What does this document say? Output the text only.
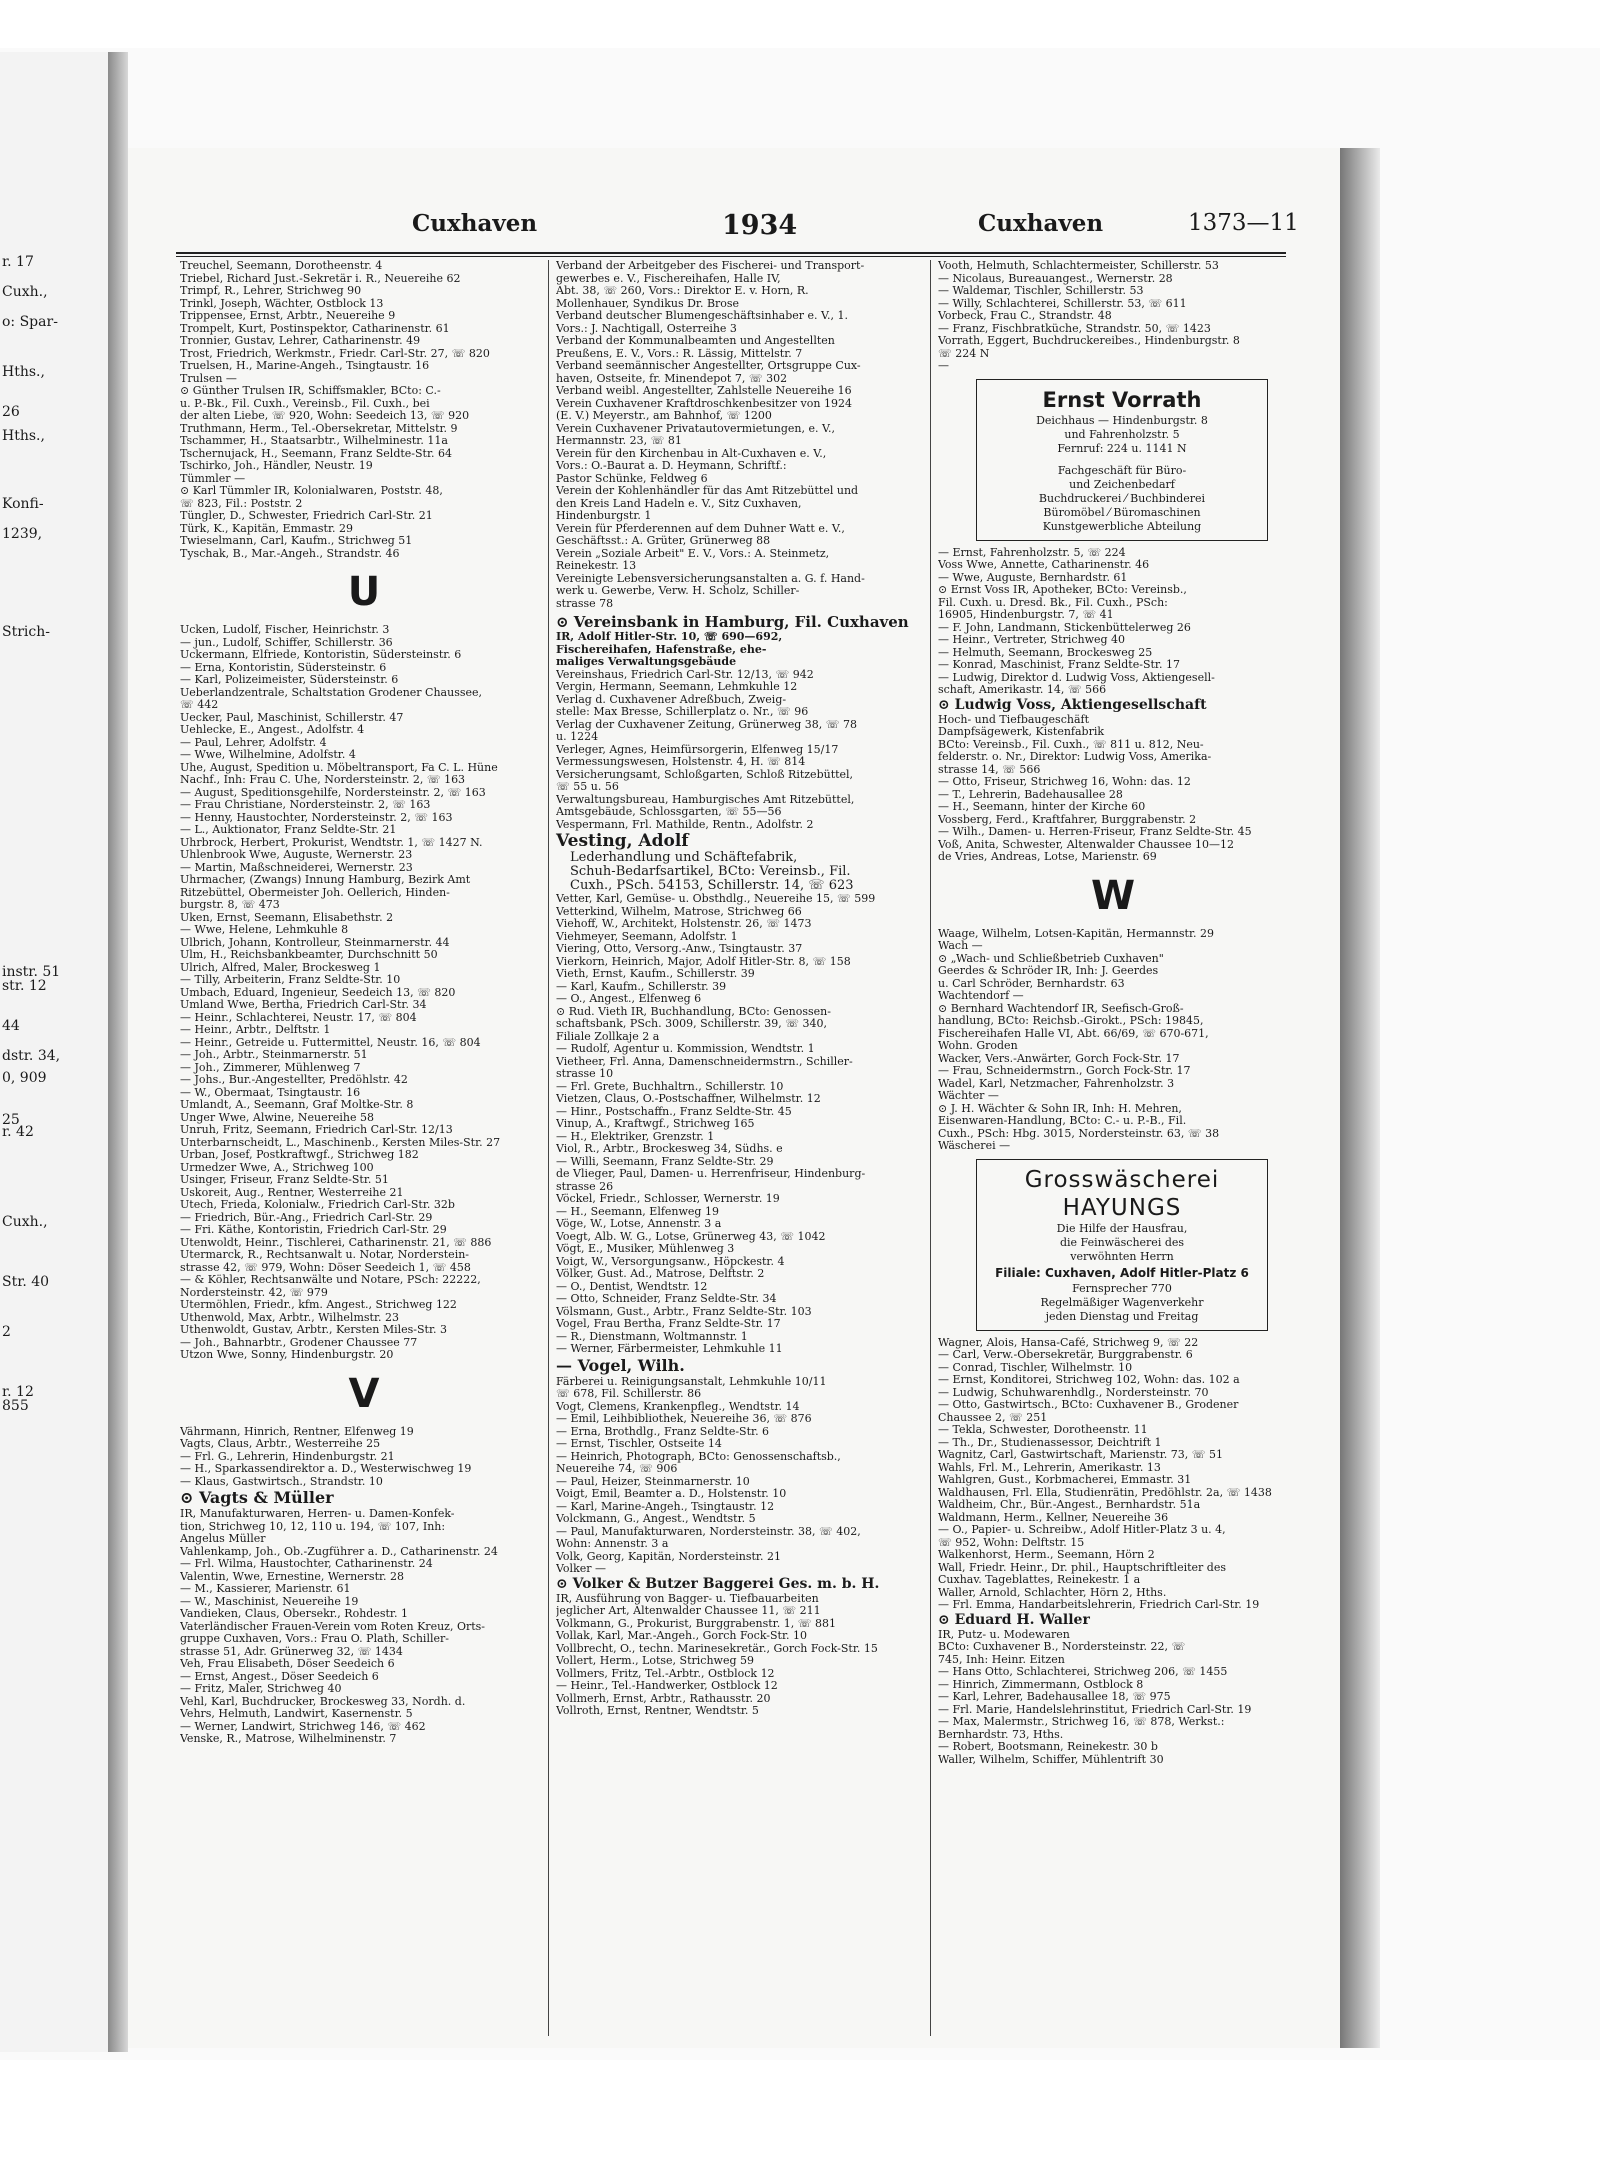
r. 17
Cuxh.,
o: Spar-
Hths.,
26
Hths.,
Konfi-
1239,
Strich-
instr. 51
str. 12
44
dstr. 34,
0, 909
25
r. 42
Cuxh.,
Str. 40
2
r. 12
855
Cuxhaven	1934	Cuxhaven	1373—11
Treuchel, Seemann, Dorotheenstr. 4
Triebel, Richard Just.-Sekretär i. R., Neuereihe 62
Trimpf, R., Lehrer, Strichweg 90
Trinkl, Joseph, Wächter, Ostblock 13
Trippensee, Ernst, Arbtr., Neuereihe 9
Trompelt, Kurt, Postinspektor, Catharinenstr. 61
Tronnier, Gustav, Lehrer, Catharinenstr. 49
Trost, Friedrich, Werkmstr., Friedr. Carl-Str. 27, ☏ 820
Truelsen, H., Marine-Angeh., Tsingtaustr. 16
Trulsen —
⊙ Günther Trulsen IR, Schiffsmakler, BCto: C.-
u. P.-Bk., Fil. Cuxh., Vereinsb., Fil. Cuxh., bei
der alten Liebe, ☏ 920, Wohn: Seedeich 13, ☏ 920
Truthmann, Herm., Tel.-Obersekretar, Mittelstr. 9
Tschammer, H., Staatsarbtr., Wilhelminestr. 11a
Tschernujack, H., Seemann, Franz Seldte-Str. 64
Tschirko, Joh., Händler, Neustr. 19
Tümmler —
⊙ Karl Tümmler IR, Kolonialwaren, Poststr. 48,
☏ 823, Fil.: Poststr. 2
Tüngler, D., Schwester, Friedrich Carl-Str. 21
Türk, K., Kapitän, Emmastr. 29
Twieselmann, Carl, Kaufm., Strichweg 51
Tyschak, B., Mar.-Angeh., Strandstr. 46
U
Ucken, Ludolf, Fischer, Heinrichstr. 3
— jun., Ludolf, Schiffer, Schillerstr. 36
Uckermann, Elfriede, Kontoristin, Südersteinstr. 6
— Erna, Kontoristin, Südersteinstr. 6
— Karl, Polizeimeister, Südersteinstr. 6
Ueberlandzentrale, Schaltstation Grodener Chaussee,
☏ 442
Uecker, Paul, Maschinist, Schillerstr. 47
Uehlecke, E., Angest., Adolfstr. 4
— Paul, Lehrer, Adolfstr. 4
— Wwe, Wilhelmine, Adolfstr. 4
Uhe, August, Spedition u. Möbeltransport, Fa C. L. Hüne
Nachf., Inh: Frau C. Uhe, Nordersteinstr. 2, ☏ 163
— August, Speditionsgehilfe, Nordersteinstr. 2, ☏ 163
— Frau Christiane, Nordersteinstr. 2, ☏ 163
— Henny, Haustochter, Nordersteinstr. 2, ☏ 163
— L., Auktionator, Franz Seldte-Str. 21
Uhrbrock, Herbert, Prokurist, Wendtstr. 1, ☏ 1427 N.
Uhlenbrook Wwe, Auguste, Wernerstr. 23
— Martin, Maßschneiderei, Wernerstr. 23
Uhrmacher, (Zwangs) Innung Hamburg, Bezirk Amt
Ritzebüttel, Obermeister Joh. Oellerich, Hinden-
burgstr. 8, ☏ 473
Uken, Ernst, Seemann, Elisabethstr. 2
— Wwe, Helene, Lehmkuhle 8
Ulbrich, Johann, Kontrolleur, Steinmarnerstr. 44
Ulm, H., Reichsbankbeamter, Durchschnitt 50
Ulrich, Alfred, Maler, Brockesweg 1
— Tilly, Arbeiterin, Franz Seldte-Str. 10
Umbach, Eduard, Ingenieur, Seedeich 13, ☏ 820
Umland Wwe, Bertha, Friedrich Carl-Str. 34
— Heinr., Schlachterei, Neustr. 17, ☏ 804
— Heinr., Arbtr., Delftstr. 1
— Heinr., Getreide u. Futtermittel, Neustr. 16, ☏ 804
— Joh., Arbtr., Steinmarnerstr. 51
— Joh., Zimmerer, Mühlenweg 7
— Johs., Bur.-Angestellter, Predöhlstr. 42
— W., Obermaat, Tsingtaustr. 16
Umlandt, A., Seemann, Graf Moltke-Str. 8
Unger Wwe, Alwine, Neuereihe 58
Unruh, Fritz, Seemann, Friedrich Carl-Str. 12/13
Unterbarnscheidt, L., Maschinenb., Kersten Miles-Str. 27
Urban, Josef, Postkraftwgf., Strichweg 182
Urmedzer Wwe, A., Strichweg 100
Usinger, Friseur, Franz Seldte-Str. 51
Uskoreit, Aug., Rentner, Westerreihe 21
Utech, Frieda, Kolonialw., Friedrich Carl-Str. 32b
— Friedrich, Bür.-Ang., Friedrich Carl-Str. 29
— Fri. Käthe, Kontoristin, Friedrich Carl-Str. 29
Utenwoldt, Heinr., Tischlerei, Catharinenstr. 21, ☏ 886
Utermarck, R., Rechtsanwalt u. Notar, Norderstein-
strasse 42, ☏ 979, Wohn: Döser Seedeich 1, ☏ 458
— & Köhler, Rechtsanwälte und Notare, PSch: 22222,
Nordersteinstr. 42, ☏ 979
Utermöhlen, Friedr., kfm. Angest., Strichweg 122
Uthenwold, Max, Arbtr., Wilhelmstr. 23
Uthenwoldt, Gustav, Arbtr., Kersten Miles-Str. 3
— Joh., Bahnarbtr., Grodener Chaussee 77
Utzon Wwe, Sonny, Hindenburgstr. 20
V
Vährmann, Hinrich, Rentner, Elfenweg 19
Vagts, Claus, Arbtr., Westerreihe 25
— Frl. G., Lehrerin, Hindenburgstr. 21
— H., Sparkassendirektor a. D., Westerwischweg 19
— Klaus, Gastwirtsch., Strandstr. 10
⊙ Vagts & Müller
IR, Manufakturwaren, Herren- u. Damen-Konfek-
tion, Strichweg 10, 12, 110 u. 194, ☏ 107, Inh:
Angelus Müller
Vahlenkamp, Joh., Ob.-Zugführer a. D., Catharinenstr. 24
— Frl. Wilma, Haustochter, Catharinenstr. 24
Valentin, Wwe, Ernestine, Wernerstr. 28
— M., Kassierer, Marienstr. 61
— W., Maschinist, Neuereihe 19
Vandieken, Claus, Obersekr., Rohdestr. 1
Vaterländischer Frauen-Verein vom Roten Kreuz, Orts-
gruppe Cuxhaven, Vors.: Frau O. Plath, Schiller-
strasse 51, Adr. Grünerweg 32, ☏ 1434
Veh, Frau Elisabeth, Döser Seedeich 6
— Ernst, Angest., Döser Seedeich 6
— Fritz, Maler, Strichweg 40
Vehl, Karl, Buchdrucker, Brockesweg 33, Nordh. d.
Vehrs, Helmuth, Landwirt, Kasernenstr. 5
— Werner, Landwirt, Strichweg 146, ☏ 462
Venske, R., Matrose, Wilhelminenstr. 7
Verband der Arbeitgeber des Fischerei- und Transport-
gewerbes e. V., Fischereihafen, Halle IV,
Abt. 38, ☏ 260, Vors.: Direktor E. v. Horn, R.
Mollenhauer, Syndikus Dr. Brose
Verband deutscher Blumengeschäftsinhaber e. V., 1.
Vors.: J. Nachtigall, Osterreihe 3
Verband der Kommunalbeamten und Angestellten
Preußens, E. V., Vors.: R. Lässig, Mittelstr. 7
Verband seemännischer Angestellter, Ortsgruppe Cux-
haven, Ostseite, fr. Minendepot 7, ☏ 302
Verband weibl. Angestellter, Zahlstelle Neuereihe 16
Verein Cuxhavener Kraftdroschkenbesitzer von 1924
(E. V.) Meyerstr., am Bahnhof, ☏ 1200
Verein Cuxhavener Privatautovermietungen, e. V.,
Hermannstr. 23, ☏ 81
Verein für den Kirchenbau in Alt-Cuxhaven e. V.,
Vors.: O.-Baurat a. D. Heymann, Schriftf.:
Pastor Schünke, Feldweg 6
Verein der Kohlenhändler für das Amt Ritzebüttel und
den Kreis Land Hadeln e. V., Sitz Cuxhaven,
Hindenburgstr. 1
Verein für Pferderennen auf dem Duhner Watt e. V.,
Geschäftsst.: A. Grüter, Grünerweg 88
Verein „Soziale Arbeit" E. V., Vors.: A. Steinmetz,
Reinekestr. 13
Vereinigte Lebensversicherungsanstalten a. G. f. Hand-
werk u. Gewerbe, Verw. H. Scholz, Schiller-
strasse 78
⊙ Vereinsbank in Hamburg, Fil. Cuxhaven
IR, Adolf Hitler-Str. 10, ☏ 690—692,
Fischereihafen, Hafenstraße, ehe-
maliges Verwaltungsgebäude
Vereinshaus, Friedrich Carl-Str. 12/13, ☏ 942
Vergin, Hermann, Seemann, Lehmkuhle 12
Verlag d. Cuxhavener Adreßbuch, Zweig-
stelle: Max Bresse, Schillerplatz o. Nr., ☏ 96
Verlag der Cuxhavener Zeitung, Grünerweg 38, ☏ 78
u. 1224
Verleger, Agnes, Heimfürsorgerin, Elfenweg 15/17
Vermessungswesen, Holstenstr. 4, H. ☏ 814
Versicherungsamt, Schloßgarten, Schloß Ritzebüttel,
☏ 55 u. 56
Verwaltungsbureau, Hamburgisches Amt Ritzebüttel,
Amtsgebäude, Schlossgarten, ☏ 55—56
Vespermann, Frl. Mathilde, Rentn., Adolfstr. 2
Vesting, Adolf
Lederhandlung und Schäftefabrik,
Schuh-Bedarfsartikel, BCto: Vereinsb., Fil.
Cuxh., PSch. 54153, Schillerstr. 14, ☏ 623
Vetter, Karl, Gemüse- u. Obsthdlg., Neuereihe 15, ☏ 599
Vetterkind, Wilhelm, Matrose, Strichweg 66
Viehoff, W., Architekt, Holstenstr. 26, ☏ 1473
Viehmeyer, Seemann, Adolfstr. 1
Viering, Otto, Versorg.-Anw., Tsingtaustr. 37
Vierkorn, Heinrich, Major, Adolf Hitler-Str. 8, ☏ 158
Vieth, Ernst, Kaufm., Schillerstr. 39
— Karl, Kaufm., Schillerstr. 39
— O., Angest., Elfenweg 6
⊙ Rud. Vieth IR, Buchhandlung, BCto: Genossen-
schaftsbank, PSch. 3009, Schillerstr. 39, ☏ 340,
Filiale Zollkaje 2 a
— Rudolf, Agentur u. Kommission, Wendtstr. 1
Vietheer, Frl. Anna, Damenschneidermstrn., Schiller-
strasse 10
— Frl. Grete, Buchhaltrn., Schillerstr. 10
Vietzen, Claus, O.-Postschaffner, Wilhelmstr. 12
— Hinr., Postschaffn., Franz Seldte-Str. 45
Vinup, A., Kraftwgf., Strichweg 165
— H., Elektriker, Grenzstr. 1
Viol, R., Arbtr., Brockesweg 34, Südhs. e
— Willi, Seemann, Franz Seldte-Str. 29
de Vlieger, Paul, Damen- u. Herrenfriseur, Hindenburg-
strasse 26
Vöckel, Friedr., Schlosser, Wernerstr. 19
— H., Seemann, Elfenweg 19
Vöge, W., Lotse, Annenstr. 3 a
Voegt, Alb. W. G., Lotse, Grünerweg 43, ☏ 1042
Vögt, E., Musiker, Mühlenweg 3
Voigt, W., Versorgungsanw., Höpckestr. 4
Völker, Gust. Ad., Matrose, Delftstr. 2
— O., Dentist, Wendtstr. 12
— Otto, Schneider, Franz Seldte-Str. 34
Völsmann, Gust., Arbtr., Franz Seldte-Str. 103
Vogel, Frau Bertha, Franz Seldte-Str. 17
— R., Dienstmann, Woltmannstr. 1
— Werner, Färbermeister, Lehmkuhle 11
— Vogel, Wilh.
Färberei u. Reinigungsanstalt, Lehmkuhle 10/11
☏ 678, Fil. Schillerstr. 86
Vogt, Clemens, Krankenpfleg., Wendtstr. 14
— Emil, Leihbibliothek, Neuereihe 36, ☏ 876
— Erna, Brothdlg., Franz Seldte-Str. 6
— Ernst, Tischler, Ostseite 14
— Heinrich, Photograph, BCto: Genossenschaftsb.,
Neuereihe 74, ☏ 906
— Paul, Heizer, Steinmarnerstr. 10
Voigt, Emil, Beamter a. D., Holstenstr. 10
— Karl, Marine-Angeh., Tsingtaustr. 12
Volckmann, G., Angest., Wendtstr. 5
— Paul, Manufakturwaren, Nordersteinstr. 38, ☏ 402,
Wohn: Annenstr. 3 a
Volk, Georg, Kapitän, Nordersteinstr. 21
Volker —
⊙ Volker & Butzer Baggerei Ges. m. b. H.
IR, Ausführung von Bagger- u. Tiefbauarbeiten
jeglicher Art, Altenwalder Chaussee 11, ☏ 211
Volkmann, G., Prokurist, Burggrabenstr. 1, ☏ 881
Vollak, Karl, Mar.-Angeh., Gorch Fock-Str. 10
Vollbrecht, O., techn. Marinesekretär., Gorch Fock-Str. 15
Vollert, Herm., Lotse, Strichweg 59
Vollmers, Fritz, Tel.-Arbtr., Ostblock 12
— Heinr., Tel.-Handwerker, Ostblock 12
Vollmerh, Ernst, Arbtr., Rathausstr. 20
Vollroth, Ernst, Rentner, Wendtstr. 5
Vooth, Helmuth, Schlachtermeister, Schillerstr. 53
— Nicolaus, Bureauangest., Wernerstr. 28
— Waldemar, Tischler, Schillerstr. 53
— Willy, Schlachterei, Schillerstr. 53, ☏ 611
Vorbeck, Frau C., Strandstr. 48
— Franz, Fischbratküche, Strandstr. 50, ☏ 1423
Vorrath, Eggert, Buchdruckereibes., Hindenburgstr. 8
☏ 224 N
—
Ernst Vorrath
Deichhaus — Hindenburgstr. 8
und Fahrenholzstr. 5
Fernruf: 224 u. 1141 N
Fachgeschäft für Büro-
und Zeichenbedarf
Buchdruckerei ⁄ Buchbinderei
Büromöbel ⁄ Büromaschinen
Kunstgewerbliche Abteilung
— Ernst, Fahrenholzstr. 5, ☏ 224
Voss Wwe, Annette, Catharinenstr. 46
— Wwe, Auguste, Bernhardstr. 61
⊙ Ernst Voss IR, Apotheker, BCto: Vereinsb.,
Fil. Cuxh. u. Dresd. Bk., Fil. Cuxh., PSch:
16905, Hindenburgstr. 7, ☏ 41
— F. John, Landmann, Stickenbüttelerweg 26
— Heinr., Vertreter, Strichweg 40
— Helmuth, Seemann, Brockesweg 25
— Konrad, Maschinist, Franz Seldte-Str. 17
— Ludwig, Direktor d. Ludwig Voss, Aktiengesell-
schaft, Amerikastr. 14, ☏ 566
⊙ Ludwig Voss, Aktiengesellschaft
Hoch- und Tiefbaugeschäft
Dampfsägewerk, Kistenfabrik
BCto: Vereinsb., Fil. Cuxh., ☏ 811 u. 812, Neu-
felderstr. o. Nr., Direktor: Ludwig Voss, Amerika-
strasse 14, ☏ 566
— Otto, Friseur, Strichweg 16, Wohn: das. 12
— T., Lehrerin, Badehausallee 28
— H., Seemann, hinter der Kirche 60
Vossberg, Ferd., Kraftfahrer, Burggrabenstr. 2
— Wilh., Damen- u. Herren-Friseur, Franz Seldte-Str. 45
Voß, Anita, Schwester, Altenwalder Chaussee 10—12
de Vries, Andreas, Lotse, Marienstr. 69
W
Waage, Wilhelm, Lotsen-Kapitän, Hermannstr. 29
Wach —
⊙ „Wach- und Schließbetrieb Cuxhaven"
Geerdes & Schröder IR, Inh: J. Geerdes
u. Carl Schröder, Bernhardstr. 63
Wachtendorf —
⊙ Bernhard Wachtendorf IR, Seefisch-Groß-
handlung, BCto: Reichsb.-Girokt., PSch: 19845,
Fischereihafen Halle VI, Abt. 66/69, ☏ 670-671,
Wohn. Groden
Wacker, Vers.-Anwärter, Gorch Fock-Str. 17
— Frau, Schneidermstrn., Gorch Fock-Str. 17
Wadel, Karl, Netzmacher, Fahrenholzstr. 3
Wächter —
⊙ J. H. Wächter & Sohn IR, Inh: H. Mehren,
Eisenwaren-Handlung, BCto: C.- u. P.-B., Fil.
Cuxh., PSch: Hbg. 3015, Nordersteinstr. 63, ☏ 38
Wäscherei —
Grosswäscherei
HAYUNGS
Die Hilfe der Hausfrau,
die Feinwäscherei des
verwöhnten Herrn
Filiale: Cuxhaven, Adolf Hitler-Platz 6
Fernsprecher 770
Regelmäßiger Wagenverkehr
jeden Dienstag und Freitag
Wagner, Alois, Hansa-Café, Strichweg 9, ☏ 22
— Carl, Verw.-Obersekretär, Burggrabenstr. 6
— Conrad, Tischler, Wilhelmstr. 10
— Ernst, Konditorei, Strichweg 102, Wohn: das. 102 a
— Ludwig, Schuhwarenhdlg., Nordersteinstr. 70
— Otto, Gastwirtsch., BCto: Cuxhavener B., Grodener
Chaussee 2, ☏ 251
— Tekla, Schwester, Dorotheenstr. 11
— Th., Dr., Studienassessor, Deichtrift 1
Wagnitz, Carl, Gastwirtschaft, Marienstr. 73, ☏ 51
Wahls, Frl. M., Lehrerin, Amerikastr. 13
Wahlgren, Gust., Korbmacherei, Emmastr. 31
Waldhausen, Frl. Ella, Studienrätin, Predöhlstr. 2a, ☏ 1438
Waldheim, Chr., Bür.-Angest., Bernhardstr. 51a
Waldmann, Herm., Kellner, Neuereihe 36
— O., Papier- u. Schreibw., Adolf Hitler-Platz 3 u. 4,
☏ 952, Wohn: Delftstr. 15
Walkenhorst, Herm., Seemann, Hörn 2
Wall, Friedr. Heinr., Dr. phil., Hauptschriftleiter des
Cuxhav. Tageblattes, Reinekestr. 1 a
Waller, Arnold, Schlachter, Hörn 2, Hths.
— Frl. Emma, Handarbeitslehrerin, Friedrich Carl-Str. 19
⊙ Eduard H. Waller
IR, Putz- u. Modewaren
BCto: Cuxhavener B., Nordersteinstr. 22, ☏
745, Inh: Heinr. Eitzen
— Hans Otto, Schlachterei, Strichweg 206, ☏ 1455
— Hinrich, Zimmermann, Ostblock 8
— Karl, Lehrer, Badehausallee 18, ☏ 975
— Frl. Marie, Handelslehrinstitut, Friedrich Carl-Str. 19
— Max, Malermstr., Strichweg 16, ☏ 878, Werkst.:
Bernhardstr. 73, Hths.
— Robert, Bootsmann, Reinekestr. 30 b
Waller, Wilhelm, Schiffer, Mühlentrift 30
